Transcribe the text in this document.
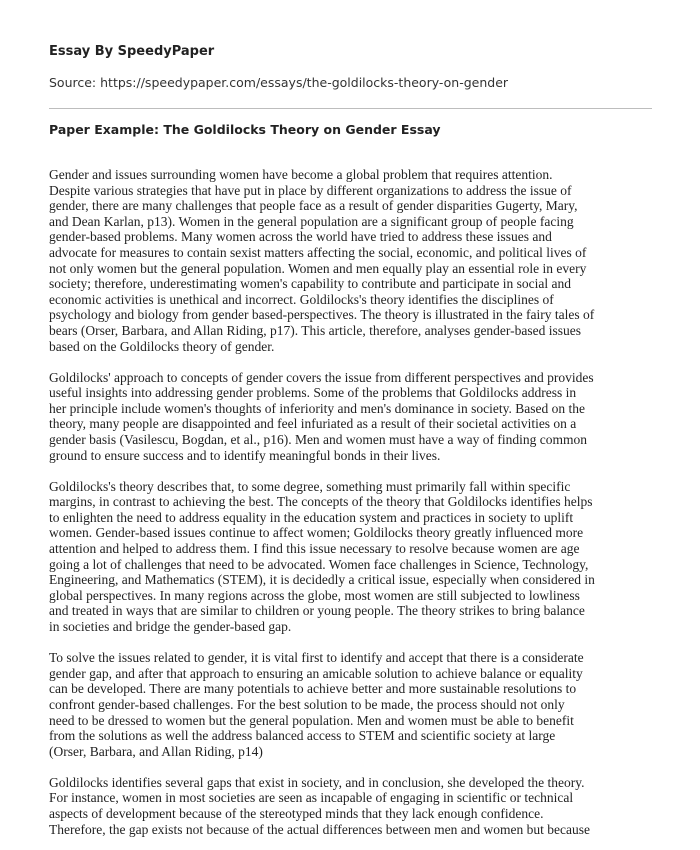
Essay By SpeedyPaper
Source: https://speedypaper.com/essays/the-goldilocks-theory-on-gender
Paper Example: The Goldilocks Theory on Gender Essay

Gender and issues surrounding women have become a global problem that requires attention.
Despite various strategies that have put in place by different organizations to address the issue of
gender, there are many challenges that people face as a result of gender disparities Gugerty, Mary,
and Dean Karlan, p13). Women in the general population are a significant group of people facing
gender-based problems. Many women across the world have tried to address these issues and
advocate for measures to contain sexist matters affecting the social, economic, and political lives of
not only women but the general population. Women and men equally play an essential role in every
society; therefore, underestimating women's capability to contribute and participate in social and
economic activities is unethical and incorrect. Goldilocks's theory identifies the disciplines of
psychology and biology from gender based-perspectives. The theory is illustrated in the fairy tales of
bears (Orser, Barbara, and Allan Riding, p17). This article, therefore, analyses gender-based issues
based on the Goldilocks theory of gender.

Goldilocks' approach to concepts of gender covers the issue from different perspectives and provides
useful insights into addressing gender problems. Some of the problems that Goldilocks address in
her principle include women's thoughts of inferiority and men's dominance in society. Based on the
theory, many people are disappointed and feel infuriated as a result of their societal activities on a
gender basis (Vasilescu, Bogdan, et al., p16). Men and women must have a way of finding common
ground to ensure success and to identify meaningful bonds in their lives.

Goldilocks's theory describes that, to some degree, something must primarily fall within specific
margins, in contrast to achieving the best. The concepts of the theory that Goldilocks identifies helps
to enlighten the need to address equality in the education system and practices in society to uplift
women. Gender-based issues continue to affect women; Goldilocks theory greatly influenced more
attention and helped to address them. I find this issue necessary to resolve because women are age
going a lot of challenges that need to be advocated. Women face challenges in Science, Technology,
Engineering, and Mathematics (STEM), it is decidedly a critical issue, especially when considered in
global perspectives. In many regions across the globe, most women are still subjected to lowliness
and treated in ways that are similar to children or young people. The theory strikes to bring balance
in societies and bridge the gender-based gap.

To solve the issues related to gender, it is vital first to identify and accept that there is a considerate
gender gap, and after that approach to ensuring an amicable solution to achieve balance or equality
can be developed. There are many potentials to achieve better and more sustainable resolutions to
confront gender-based challenges. For the best solution to be made, the process should not only
need to be dressed to women but the general population. Men and women must be able to benefit
from the solutions as well the address balanced access to STEM and scientific society at large
(Orser, Barbara, and Allan Riding, p14)

Goldilocks identifies several gaps that exist in society, and in conclusion, she developed the theory.
For instance, women in most societies are seen as incapable of engaging in scientific or technical
aspects of development because of the stereotyped minds that they lack enough confidence.
Therefore, the gap exists not because of the actual differences between men and women but because
